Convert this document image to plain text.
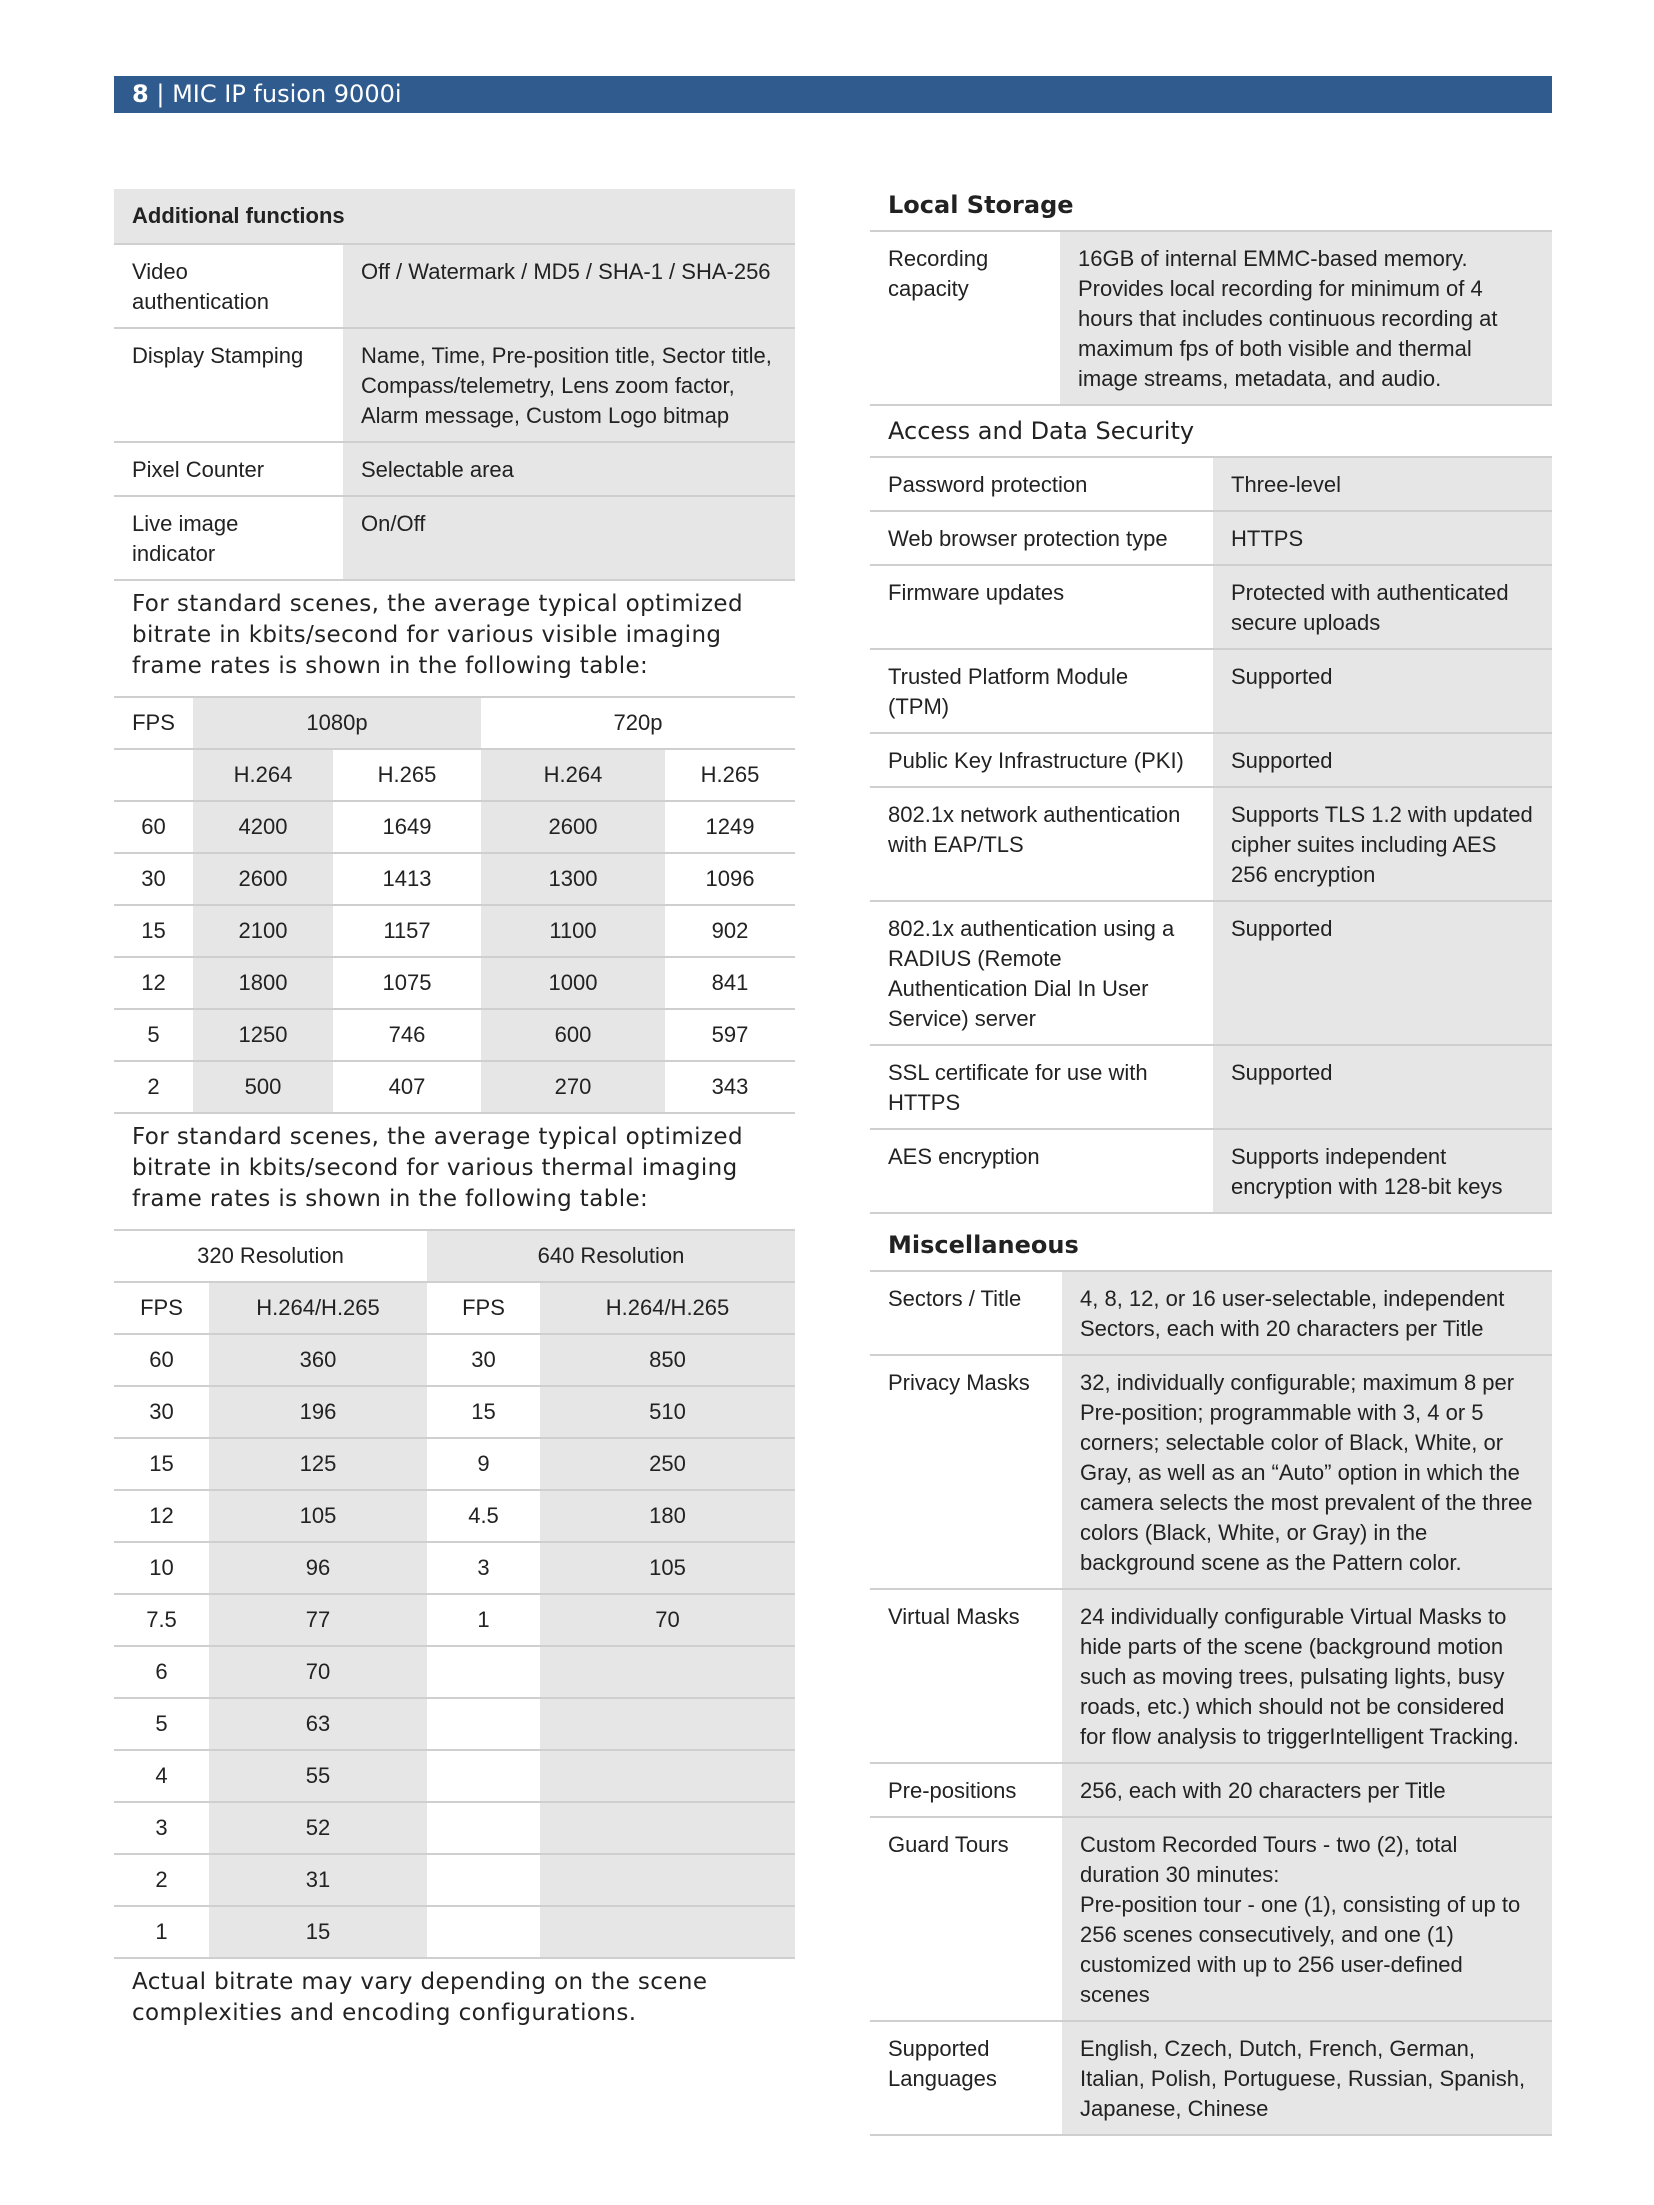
8 | MIC IP fusion 9000i
Additional functions	
Video authentication	Off / Watermark / MD5 / SHA-1 / SHA-256
Display Stamping	Name, Time, Pre-position title, Sector title, Compass/telemetry, Lens zoom factor, Alarm message, Custom Logo bitmap
Pixel Counter	Selectable area
Live image indicator	On/Off
For standard scenes, the average typical optimized bitrate in kbits/second for various visible imaging frame rates is shown in the following table:
FPS	1080p		720p	
	H.264	H.265	H.264	H.265
60	4200	1649	2600	1249
30	2600	1413	1300	1096
15	2100	1157	1100	902
12	1800	1075	1000	841
5	1250	746	600	597
2	500	407	270	343
For standard scenes, the average typical optimized bitrate in kbits/second for various thermal imaging frame rates is shown in the following table:
320 Resolution		640 Resolution	
FPS	H.264/H.265	FPS	H.264/H.265
60	360	30	850
30	196	15	510
15	125	9	250
12	105	4.5	180
10	96	3	105
7.5	77	1	70
6	70		
5	63		
4	55		
3	52		
2	31		
1	15		
Actual bitrate may vary depending on the scene complexities and encoding configurations.
Local Storage
Recording capacity	16GB of internal EMMC-based memory. Provides local recording for minimum of 4 hours that includes continuous recording at maximum fps of both visible and thermal image streams, metadata, and audio.
Access and Data Security
Password protection	Three-level
Web browser protection type	HTTPS
Firmware updates	Protected with authenticated secure uploads
Trusted Platform Module (TPM)	Supported
Public Key Infrastructure (PKI)	Supported
802.1x network authentication with EAP/TLS	Supports TLS 1.2 with updated cipher suites including AES 256 encryption
802.1x authentication using a RADIUS (Remote Authentication Dial In User Service) server	Supported
SSL certificate for use with HTTPS	Supported
AES encryption	Supports independent encryption with 128-bit keys
Miscellaneous
Sectors / Title	4, 8, 12, or 16 user-selectable, independent Sectors, each with 20 characters per Title
Privacy Masks	32, individually configurable; maximum 8 per Pre-position; programmable with 3, 4 or 5 corners; selectable color of Black, White, or Gray, as well as an “Auto” option in which the camera selects the most prevalent of the three colors (Black, White, or Gray) in the background scene as the Pattern color.
Virtual Masks	24 individually configurable Virtual Masks to hide parts of the scene (background motion such as moving trees, pulsating lights, busy roads, etc.) which should not be considered for flow analysis to triggerIntelligent Tracking.
Pre-positions	256, each with 20 characters per Title
Guard Tours	Custom Recorded Tours - two (2), total duration 30 minutes:
Pre-position tour - one (1), consisting of up to 256 scenes consecutively, and one (1) customized with up to 256 user-defined scenes

Supported Languages	English, Czech, Dutch, French, German, Italian, Polish, Portuguese, Russian, Spanish, Japanese, Chinese
